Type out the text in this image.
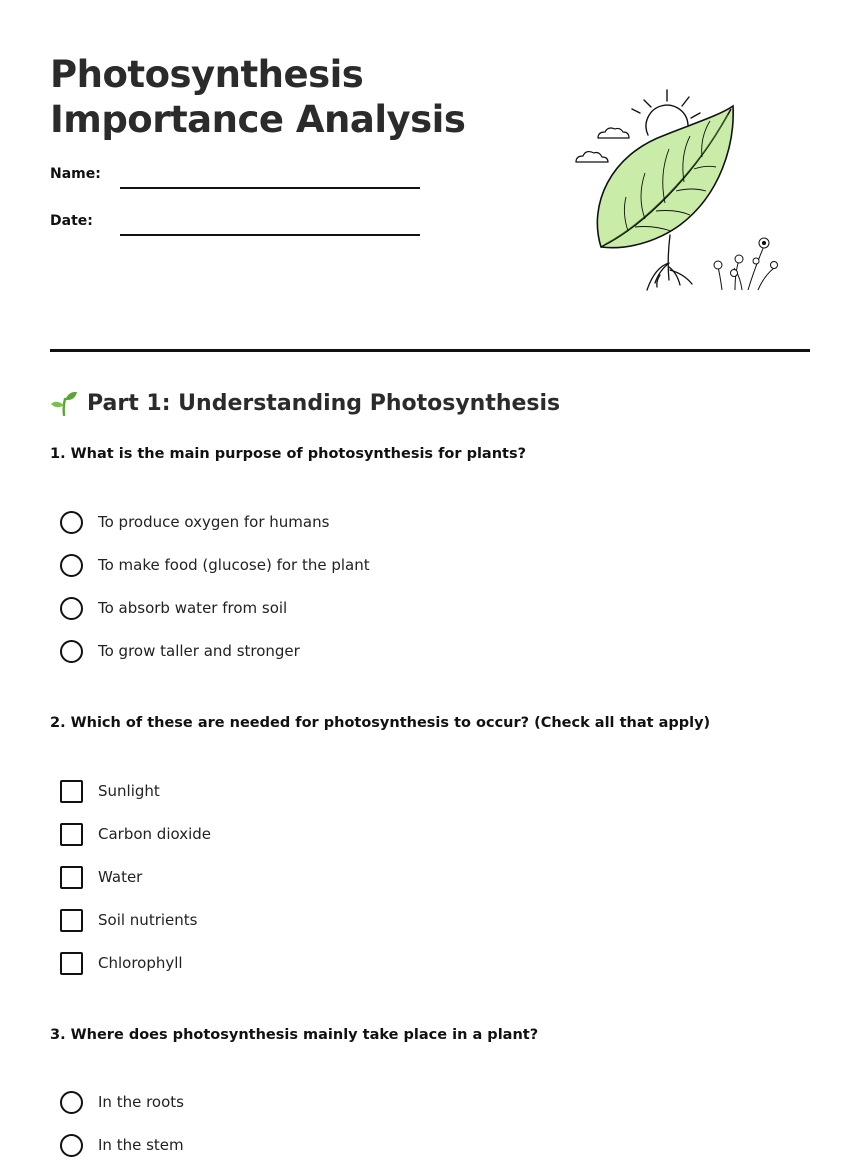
Photosynthesis Importance Analysis
Name:
Date:
Part 1: Understanding Photosynthesis
1. What is the main purpose of photosynthesis for plants?
To produce oxygen for humans
To make food (glucose) for the plant
To absorb water from soil
To grow taller and stronger
2. Which of these are needed for photosynthesis to occur? (Check all that apply)
Sunlight
Carbon dioxide
Water
Soil nutrients
Chlorophyll
3. Where does photosynthesis mainly take place in a plant?
In the roots
In the stem
